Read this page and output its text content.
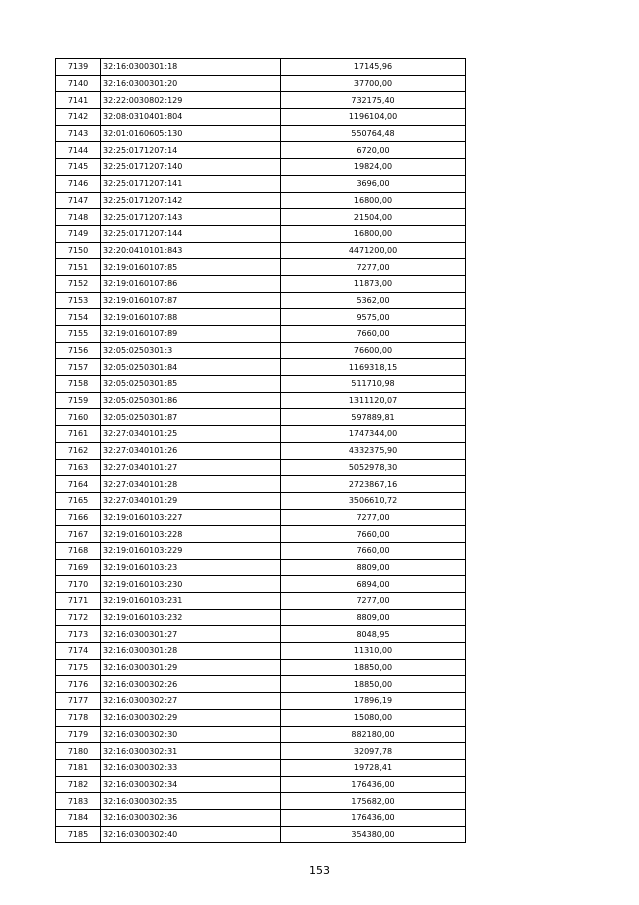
7139	32:16:0300301:18	17145,96
7140	32:16:0300301:20	37700,00
7141	32:22:0030802:129	732175,40
7142	32:08:0310401:804	1196104,00
7143	32:01:0160605:130	550764,48
7144	32:25:0171207:14	6720,00
7145	32:25:0171207:140	19824,00
7146	32:25:0171207:141	3696,00
7147	32:25:0171207:142	16800,00
7148	32:25:0171207:143	21504,00
7149	32:25:0171207:144	16800,00
7150	32:20:0410101:843	4471200,00
7151	32:19:0160107:85	7277,00
7152	32:19:0160107:86	11873,00
7153	32:19:0160107:87	5362,00
7154	32:19:0160107:88	9575,00
7155	32:19:0160107:89	7660,00
7156	32:05:0250301:3	76600,00
7157	32:05:0250301:84	1169318,15
7158	32:05:0250301:85	511710,98
7159	32:05:0250301:86	1311120,07
7160	32:05:0250301:87	597889,81
7161	32:27:0340101:25	1747344,00
7162	32:27:0340101:26	4332375,90
7163	32:27:0340101:27	5052978,30
7164	32:27:0340101:28	2723867,16
7165	32:27:0340101:29	3506610,72
7166	32:19:0160103:227	7277,00
7167	32:19:0160103:228	7660,00
7168	32:19:0160103:229	7660,00
7169	32:19:0160103:23	8809,00
7170	32:19:0160103:230	6894,00
7171	32:19:0160103:231	7277,00
7172	32:19:0160103:232	8809,00
7173	32:16:0300301:27	8048,95
7174	32:16:0300301:28	11310,00
7175	32:16:0300301:29	18850,00
7176	32:16:0300302:26	18850,00
7177	32:16:0300302:27	17896,19
7178	32:16:0300302:29	15080,00
7179	32:16:0300302:30	882180,00
7180	32:16:0300302:31	32097,78
7181	32:16:0300302:33	19728,41
7182	32:16:0300302:34	176436,00
7183	32:16:0300302:35	175682,00
7184	32:16:0300302:36	176436,00
7185	32:16:0300302:40	354380,00
153
